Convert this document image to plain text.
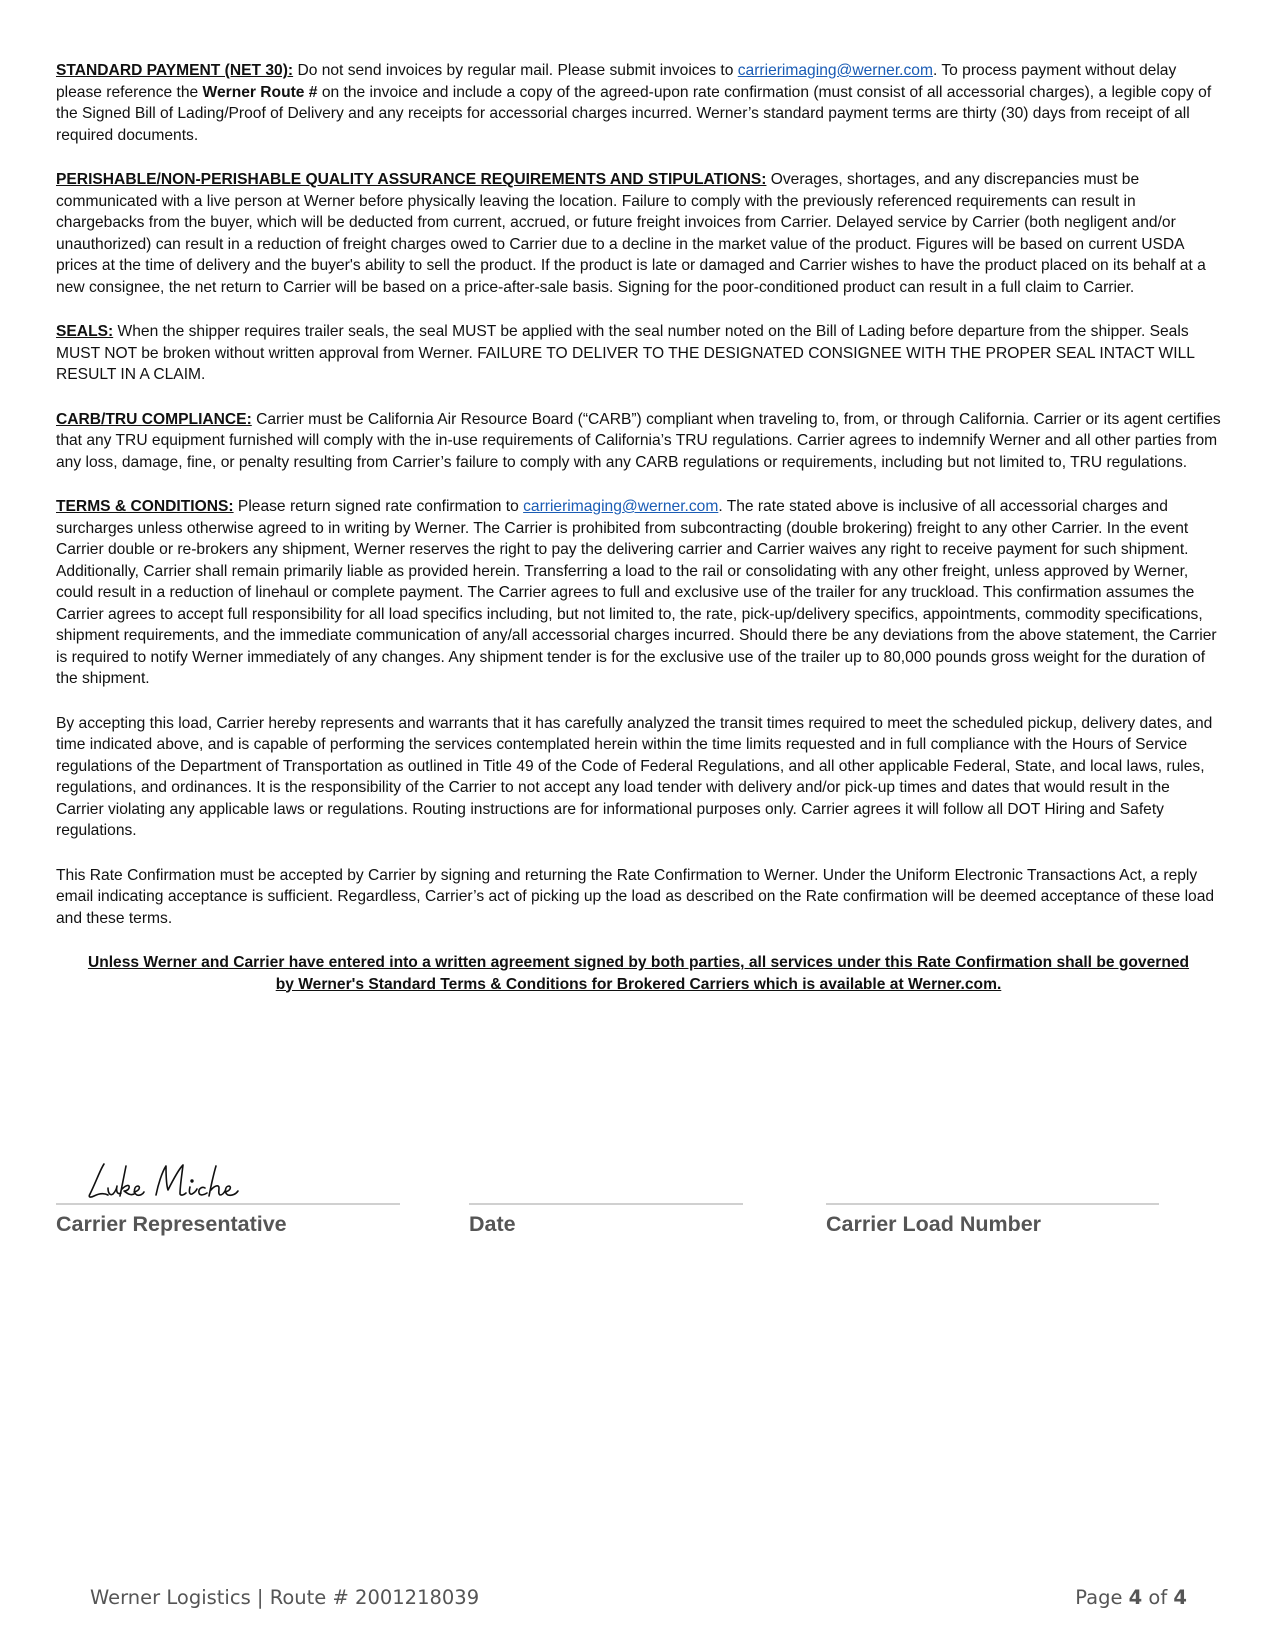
STANDARD PAYMENT (NET 30): Do not send invoices by regular mail. Please submit invoices to carrierimaging@werner.com. To process payment without delay please reference the Werner Route # on the invoice and include a copy of the agreed-upon rate confirmation (must consist of all accessorial charges), a legible copy of the Signed Bill of Lading/Proof of Delivery and any receipts for accessorial charges incurred. Werner’s standard payment terms are thirty (30) days from receipt of all required documents.

PERISHABLE/NON-PERISHABLE QUALITY ASSURANCE REQUIREMENTS AND STIPULATIONS: Overages, shortages, and any discrepancies must be communicated with a live person at Werner before physically leaving the location. Failure to comply with the previously referenced requirements can result in chargebacks from the buyer, which will be deducted from current, accrued, or future freight invoices from Carrier. Delayed service by Carrier (both negligent and/or unauthorized) can result in a reduction of freight charges owed to Carrier due to a decline in the market value of the product. Figures will be based on current USDA prices at the time of delivery and the buyer's ability to sell the product. If the product is late or damaged and Carrier wishes to have the product placed on its behalf at a new consignee, the net return to Carrier will be based on a price-after-sale basis. Signing for the poor-conditioned product can result in a full claim to Carrier.

SEALS: When the shipper requires trailer seals, the seal MUST be applied with the seal number noted on the Bill of Lading before departure from the shipper. Seals MUST NOT be broken without written approval from Werner. FAILURE TO DELIVER TO THE DESIGNATED CONSIGNEE WITH THE PROPER SEAL INTACT WILL RESULT IN A CLAIM.

CARB/TRU COMPLIANCE: Carrier must be California Air Resource Board (“CARB”) compliant when traveling to, from, or through California. Carrier or its agent certifies that any TRU equipment furnished will comply with the in-use requirements of California’s TRU regulations. Carrier agrees to indemnify Werner and all other parties from any loss, damage, fine, or penalty resulting from Carrier’s failure to comply with any CARB regulations or requirements, including but not limited to, TRU regulations.

TERMS & CONDITIONS: Please return signed rate confirmation to carrierimaging@werner.com. The rate stated above is inclusive of all accessorial charges and surcharges unless otherwise agreed to in writing by Werner. The Carrier is prohibited from subcontracting (double brokering) freight to any other Carrier. In the event Carrier double or re-brokers any shipment, Werner reserves the right to pay the delivering carrier and Carrier waives any right to receive payment for such shipment. Additionally, Carrier shall remain primarily liable as provided herein. Transferring a load to the rail or consolidating with any other freight, unless approved by Werner, could result in a reduction of linehaul or complete payment. The Carrier agrees to full and exclusive use of the trailer for any truckload. This confirmation assumes the Carrier agrees to accept full responsibility for all load specifics including, but not limited to, the rate, pick-up/delivery specifics, appointments, commodity specifications, shipment requirements, and the immediate communication of any/all accessorial charges incurred. Should there be any deviations from the above statement, the Carrier is required to notify Werner immediately of any changes. Any shipment tender is for the exclusive use of the trailer up to 80,000 pounds gross weight for the duration of the shipment.

By accepting this load, Carrier hereby represents and warrants that it has carefully analyzed the transit times required to meet the scheduled pickup, delivery dates, and time indicated above, and is capable of performing the services contemplated herein within the time limits requested and in full compliance with the Hours of Service regulations of the Department of Transportation as outlined in Title 49 of the Code of Federal Regulations, and all other applicable Federal, State, and local laws, rules, regulations, and ordinances. It is the responsibility of the Carrier to not accept any load tender with delivery and/or pick-up times and dates that would result in the Carrier violating any applicable laws or regulations. Routing instructions are for informational purposes only. Carrier agrees it will follow all DOT Hiring and Safety regulations.

This Rate Confirmation must be accepted by Carrier by signing and returning the Rate Confirmation to Werner. Under the Uniform Electronic Transactions Act, a reply email indicating acceptance is sufficient. Regardless, Carrier’s act of picking up the load as described on the Rate confirmation will be deemed acceptance of these load and these terms.

Unless Werner and Carrier have entered into a written agreement signed by both parties, all services under this Rate Confirmation shall be governed by Werner's Standard Terms & Conditions for Brokered Carriers which is available at Werner.com.

Carrier Representative	Date	Carrier Load Number
Werner Logistics | Route # 2001218039	Page 4 of 4
